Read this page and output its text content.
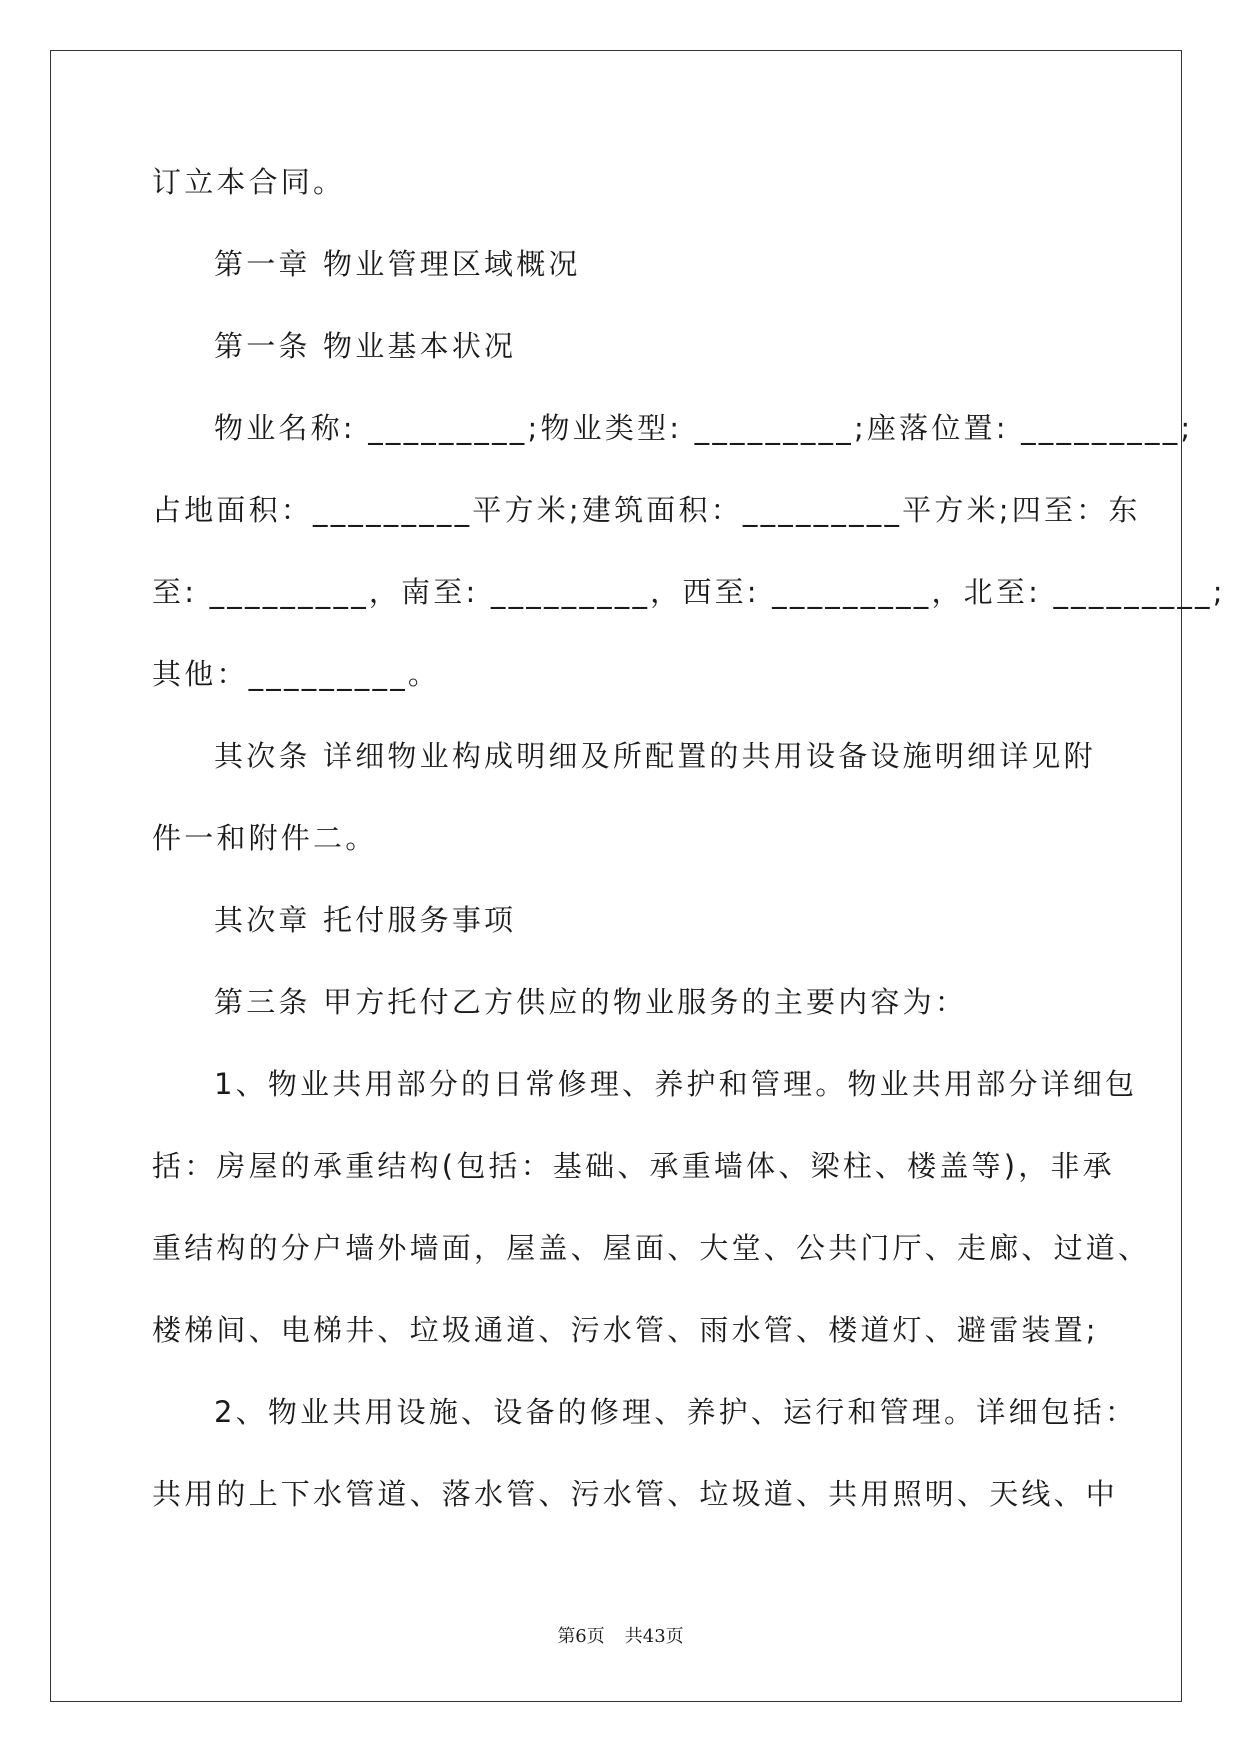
订立本合同。
第一章 物业管理区域概况
第一条 物业基本状况
物业名称: _________;物业类型: _________;座落位置: _________;
占地面积：_________平方米;建筑面积：_________平方米;四至：东
至: _________，南至: _________，西至: _________，北至: _________;
其他：_________。
其次条 详细物业构成明细及所配置的共用设备设施明细详见附
件一和附件二。
其次章 托付服务事项
第三条 甲方托付乙方供应的物业服务的主要内容为：
1、物业共用部分的日常修理、养护和管理。物业共用部分详细包
括：房屋的承重结构(包括：基础、承重墙体、梁柱、楼盖等)，非承
重结构的分户墙外墙面，屋盖、屋面、大堂、公共门厅、走廊、过道、
楼梯间、电梯井、垃圾通道、污水管、雨水管、楼道灯、避雷装置;
2、物业共用设施、设备的修理、养护、运行和管理。详细包括：
共用的上下水管道、落水管、污水管、垃圾道、共用照明、天线、中
第6页 共43页
